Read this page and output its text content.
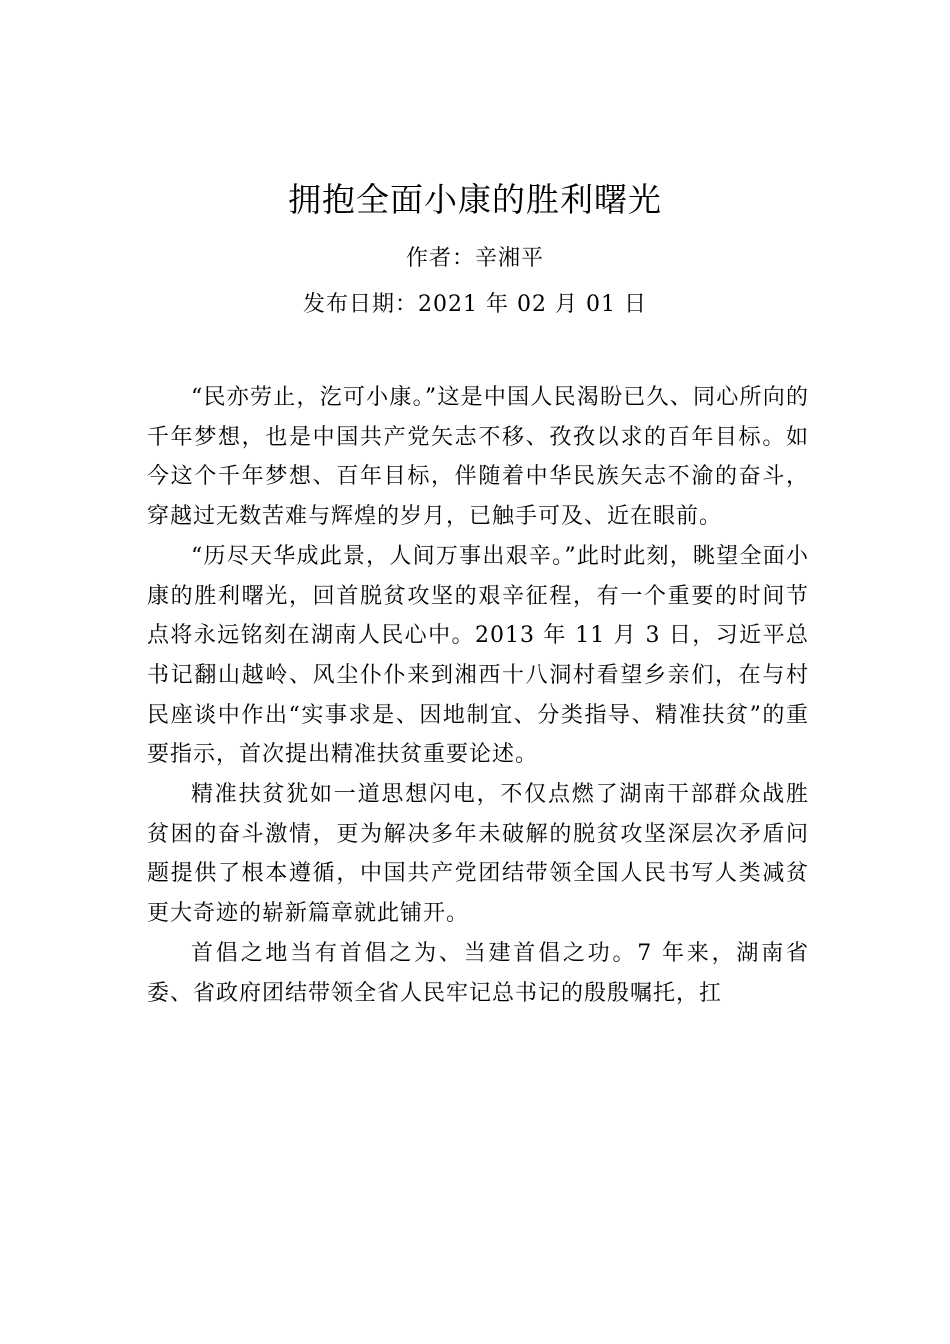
拥抱全面小康的胜利曙光
作者：辛湘平
发布日期：2021 年 02 月 01 日

“民亦劳止，汔可小康。”这是中国人民渴盼已久、同心所向的千年梦想，也是中国共产党矢志不移、孜孜以求的百年目标。如今这个千年梦想、百年目标，伴随着中华民族矢志不渝的奋斗，穿越过无数苦难与辉煌的岁月，已触手可及、近在眼前。

“历尽天华成此景，人间万事出艰辛。”此时此刻，眺望全面小康的胜利曙光，回首脱贫攻坚的艰辛征程，有一个重要的时间节点将永远铭刻在湖南人民心中。2013 年 11 月 3 日，习近平总书记翻山越岭、风尘仆仆来到湘西十八洞村看望乡亲们，在与村民座谈中作出“实事求是、因地制宜、分类指导、精准扶贫”的重要指示，首次提出精准扶贫重要论述。

精准扶贫犹如一道思想闪电，不仅点燃了湖南干部群众战胜贫困的奋斗激情，更为解决多年未破解的脱贫攻坚深层次矛盾问题提供了根本遵循，中国共产党团结带领全国人民书写人类减贫更大奇迹的崭新篇章就此铺开。

首倡之地当有首倡之为、当建首倡之功。7 年来，湖南省委、省政府团结带领全省人民牢记总书记的殷殷嘱托，扛
